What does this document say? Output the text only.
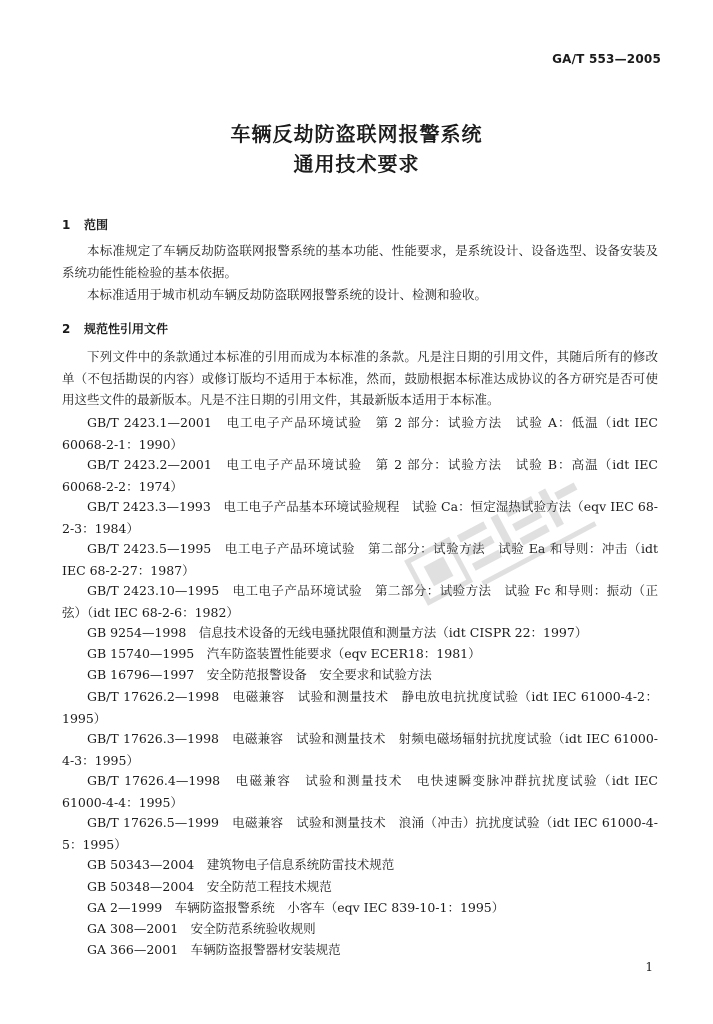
GA/T 553—2005
车辆反劫防盗联网报警系统
通用技术要求
1 范围
本标准规定了车辆反劫防盗联网报警系统的基本功能、性能要求，是系统设计、设备选型、设备安装及系统功能性能检验的基本依据。
本标准适用于城市机动车辆反劫防盗联网报警系统的设计、检测和验收。
2 规范性引用文件
下列文件中的条款通过本标准的引用而成为本标准的条款。凡是注日期的引用文件，其随后所有的修改单（不包括勘误的内容）或修订版均不适用于本标准，然而，鼓励根据本标准达成协议的各方研究是否可使用这些文件的最新版本。凡是不注日期的引用文件，其最新版本适用于本标准。
GB/T 2423.1—2001　电工电子产品环境试验　第 2 部分：试验方法　试验 A：低温（idt IEC 60068-2-1：1990）
GB/T 2423.2—2001　电工电子产品环境试验　第 2 部分：试验方法　试验 B：高温（idt IEC 60068-2-2：1974）
GB/T 2423.3—1993　电工电子产品基本环境试验规程　试验 Ca：恒定湿热试验方法（eqv IEC 68-2-3：1984）
GB/T 2423.5—1995　电工电子产品环境试验　第二部分：试验方法　试验 Ea 和导则：冲击（idt IEC 68-2-27：1987）
GB/T 2423.10—1995　电工电子产品环境试验　第二部分：试验方法　试验 Fc 和导则：振动（正弦）（idt IEC 68-2-6：1982）
GB 9254—1998　信息技术设备的无线电骚扰限值和测量方法（idt CISPR 22：1997）
GB 15740—1995　汽车防盗装置性能要求（eqv ECER18：1981）
GB 16796—1997　安全防范报警设备　安全要求和试验方法
GB/T 17626.2—1998　电磁兼容　试验和测量技术　静电放电抗扰度试验（idt IEC 61000-4-2：1995）
GB/T 17626.3—1998　电磁兼容　试验和测量技术　射频电磁场辐射抗扰度试验（idt IEC 61000-4-3：1995）
GB/T 17626.4—1998　电磁兼容　试验和测量技术　电快速瞬变脉冲群抗扰度试验（idt IEC 61000-4-4：1995）
GB/T 17626.5—1999　电磁兼容　试验和测量技术　浪涌（冲击）抗扰度试验（idt IEC 61000-4-5：1995）
GB 50343—2004　建筑物电子信息系统防雷技术规范
GB 50348—2004　安全防范工程技术规范
GA 2—1999　车辆防盗报警系统　小客车（eqv IEC 839-10-1：1995）
GA 308—2001　安全防范系统验收规则
GA 366—2001　车辆防盗报警器材安装规范
1
